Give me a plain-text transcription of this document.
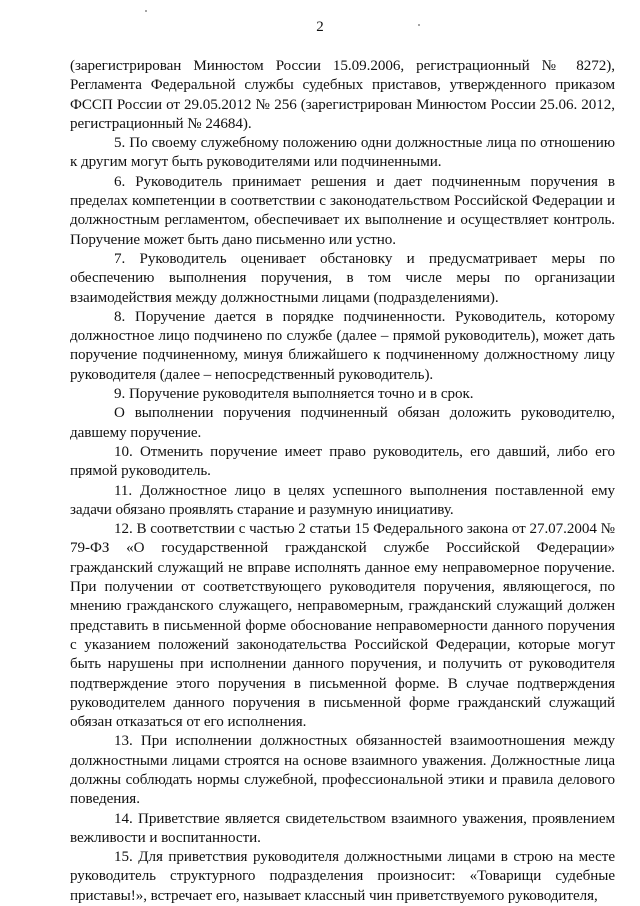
2

(зарегистрирован Минюстом России 15.09.2006, регистрационный № 8272), Регламента Федеральной службы судебных приставов, утвержденного приказом ФССП России от 29.05.2012 № 256 (зарегистрирован Минюстом России 25.06. 2012, регистрационный № 24684).

5. По своему служебному положению одни должностные лица по отношению к другим могут быть руководителями или подчиненными.

6. Руководитель принимает решения и дает подчиненным поручения в пределах компетенции в соответствии с законодательством Российской Федерации и должностным регламентом, обеспечивает их выполнение и осуществляет контроль. Поручение может быть дано письменно или устно.

7. Руководитель оценивает обстановку и предусматривает меры по обеспечению выполнения поручения, в том числе меры по организации взаимодействия между должностными лицами (подразделениями).

8. Поручение дается в порядке подчиненности. Руководитель, которому должностное лицо подчинено по службе (далее – прямой руководитель), может дать поручение подчиненному, минуя ближайшего к подчиненному должностному лицу руководителя (далее – непосредственный руководитель).

9. Поручение руководителя выполняется точно и в срок.

О выполнении поручения подчиненный обязан доложить руководителю, давшему поручение.

10. Отменить поручение имеет право руководитель, его давший, либо его прямой руководитель.

11. Должностное лицо в целях успешного выполнения поставленной ему задачи обязано проявлять старание и разумную инициативу.

12. В соответствии с частью 2 статьи 15 Федерального закона от 27.07.2004 № 79-ФЗ «О государственной гражданской службе Российской Федерации» гражданский служащий не вправе исполнять данное ему неправомерное поручение. При получении от соответствующего руководителя поручения, являющегося, по мнению гражданского служащего, неправомерным, гражданский служащий должен представить в письменной форме обоснование неправомерности данного поручения с указанием положений законодательства Российской Федерации, которые могут быть нарушены при исполнении данного поручения, и получить от руководителя подтверждение этого поручения в письменной форме. В случае подтверждения руководителем данного поручения в письменной форме гражданский служащий обязан отказаться от его исполнения.

13. При исполнении должностных обязанностей взаимоотношения между должностными лицами строятся на основе взаимного уважения. Должностные лица должны соблюдать нормы служебной, профессиональной этики и правила делового поведения.

14. Приветствие является свидетельством взаимного уважения, проявлением вежливости и воспитанности.

15. Для приветствия руководителя должностными лицами в строю на месте руководитель структурного подразделения произносит: «Товарищи судебные приставы!», встречает его, называет классный чин приветствуемого руководителя,
